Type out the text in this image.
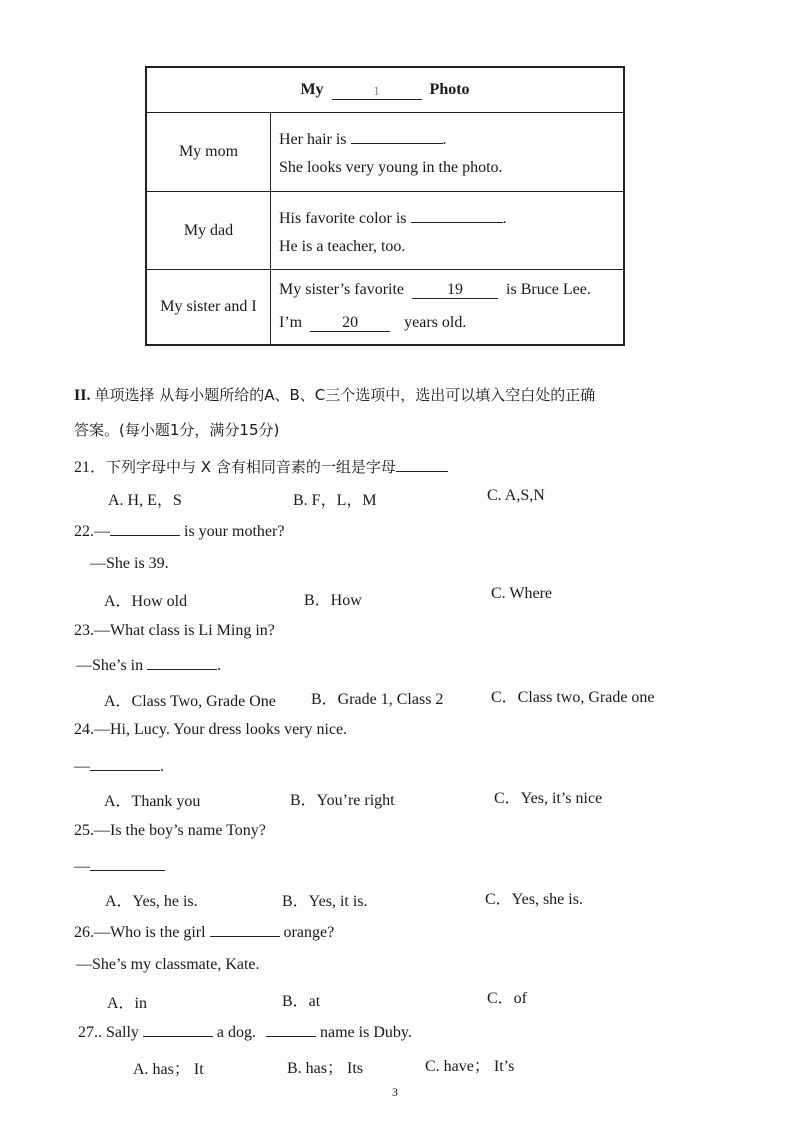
My	1	Photo
My mom
Her hair is	.
She looks very young in the photo.
My dad
His favorite color is	.
He is a teacher, too.
My sister and I
My sister’s favorite	19	is Bruce Lee.
I’m	20	years old.
II. 单项选择 从每小题所给的A、B、C三个选项中，选出可以填入空白处的正确
答案。(每小题1分，满分15分)
21．下列字母中与 X 含有相同音素的一组是字母
A. H, E，S	B. F，L，M	C. A,S,N
22.—	is your mother?
—She is 39.
A．How old	B．How	C. Where
23.—What class is Li Ming in?
—She’s in	.
A．Class Two, Grade One B．Grade 1, Class 2	C．Class two, Grade one
24.—Hi, Lucy. Your dress looks very nice.
—	.
A．Thank you	B．You’re right	C．Yes, it’s nice
25.—Is the boy’s name Tony?
—
A．Yes, he is.	B．Yes, it is.	C．Yes, she is.
26.—Who is the girl	orange?
—She’s my classmate, Kate.
A．in	B．at	C．of
27.. Sally	a dog.	name is Duby.
A. has； It	B. has； Its	C. have； It’s
3
